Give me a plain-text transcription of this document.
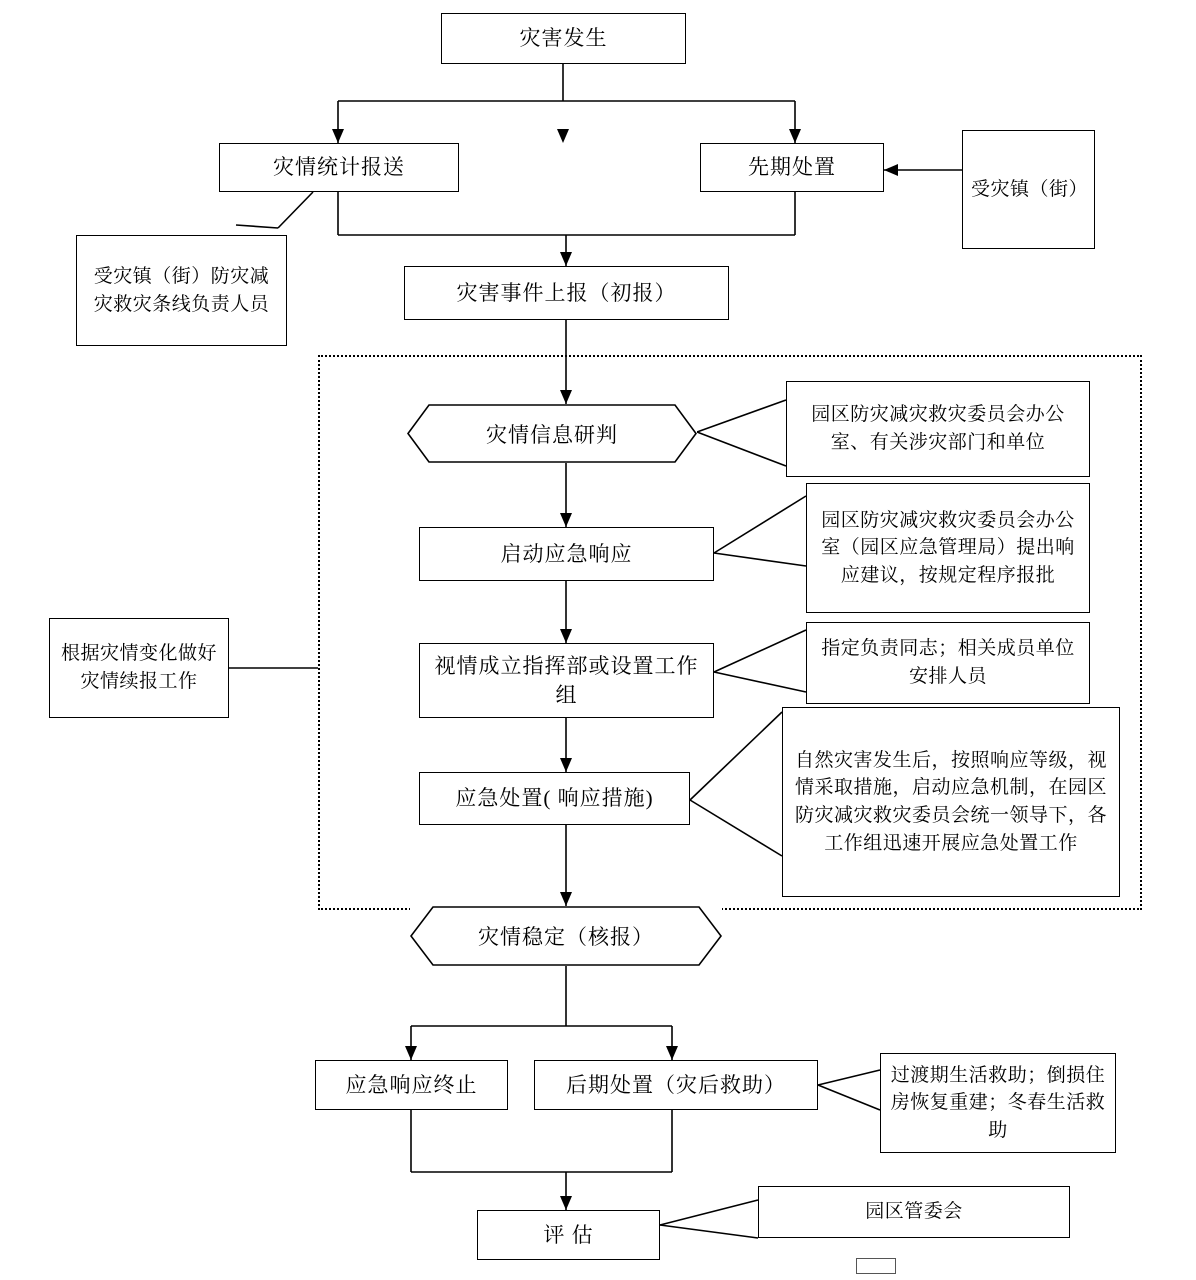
灾害发生
灾情统计报送	先期处置
受灾镇（街）
受灾镇（街）防灾减灾救灾条线负责人员	灾害事件上报（初报）
灾情信息研判
园区防灾减灾救灾委员会办公室、有关涉灾部门和单位
启动应急响应
园区防灾减灾救灾委员会办公室（园区应急管理局）提出响应建议，按规定程序报批
视情成立指挥部或设置工作组
指定负责同志；相关成员单位安排人员
应急处置( 响应措施)
自然灾害发生后，按照响应等级，视情采取措施，启动应急机制，在园区防灾减灾救灾委员会统一领导下，各工作组迅速开展应急处置工作
根据灾情变化做好灾情续报工作
灾情稳定（核报）
应急响应终止	后期处置（灾后救助）	过渡期生活救助；倒损住房恢复重建；冬春生活救助
评 估
园区管委会
